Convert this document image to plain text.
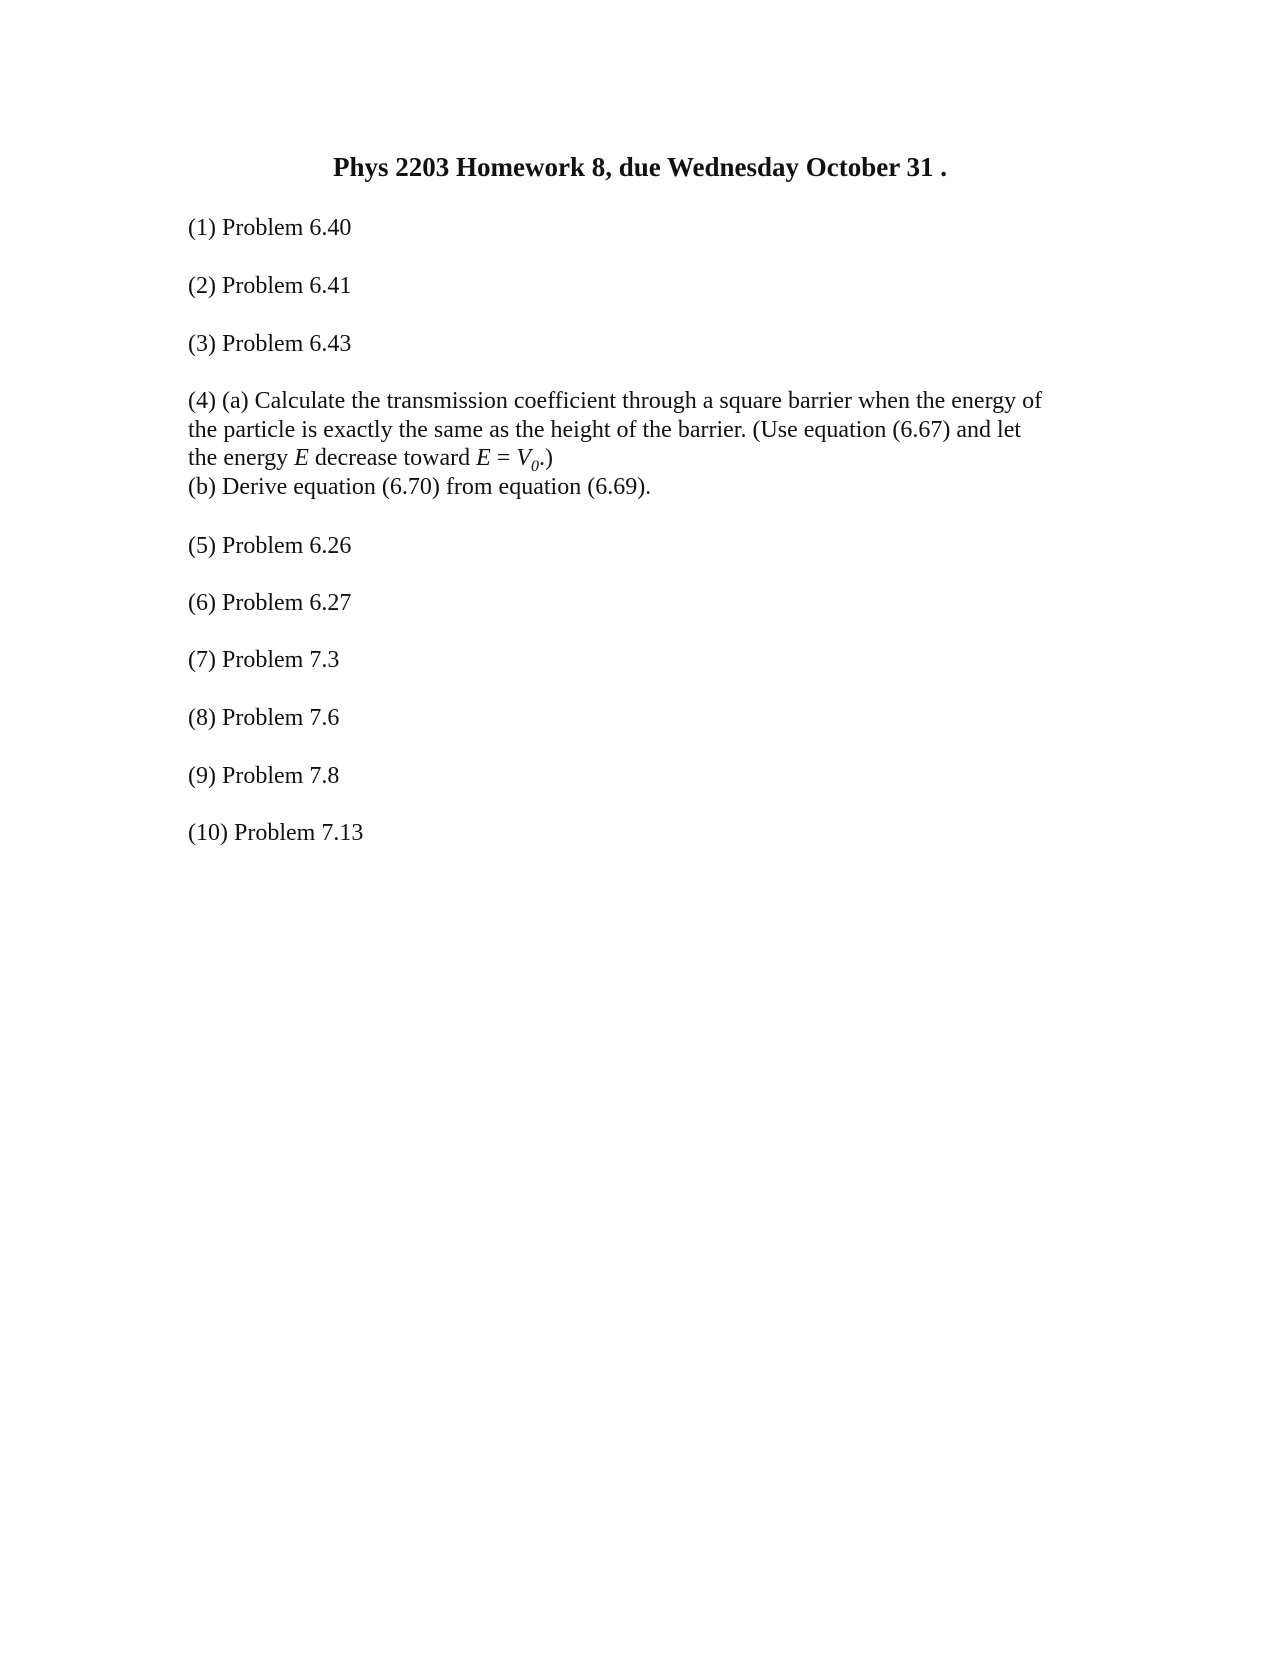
Phys 2203 Homework 8, due Wednesday October 31 .

(1) Problem 6.40

(2) Problem 6.41

(3) Problem 6.43

(4) (a) Calculate the transmission coefficient through a square barrier when the energy of
the particle is exactly the same as the height of the barrier. (Use equation (6.67) and let
the energy E decrease toward $E = V_0$.)
(b) Derive equation (6.70) from equation (6.69).

(5) Problem 6.26

(6) Problem 6.27

(7) Problem 7.3

(8) Problem 7.6

(9) Problem 7.8

(10) Problem 7.13
